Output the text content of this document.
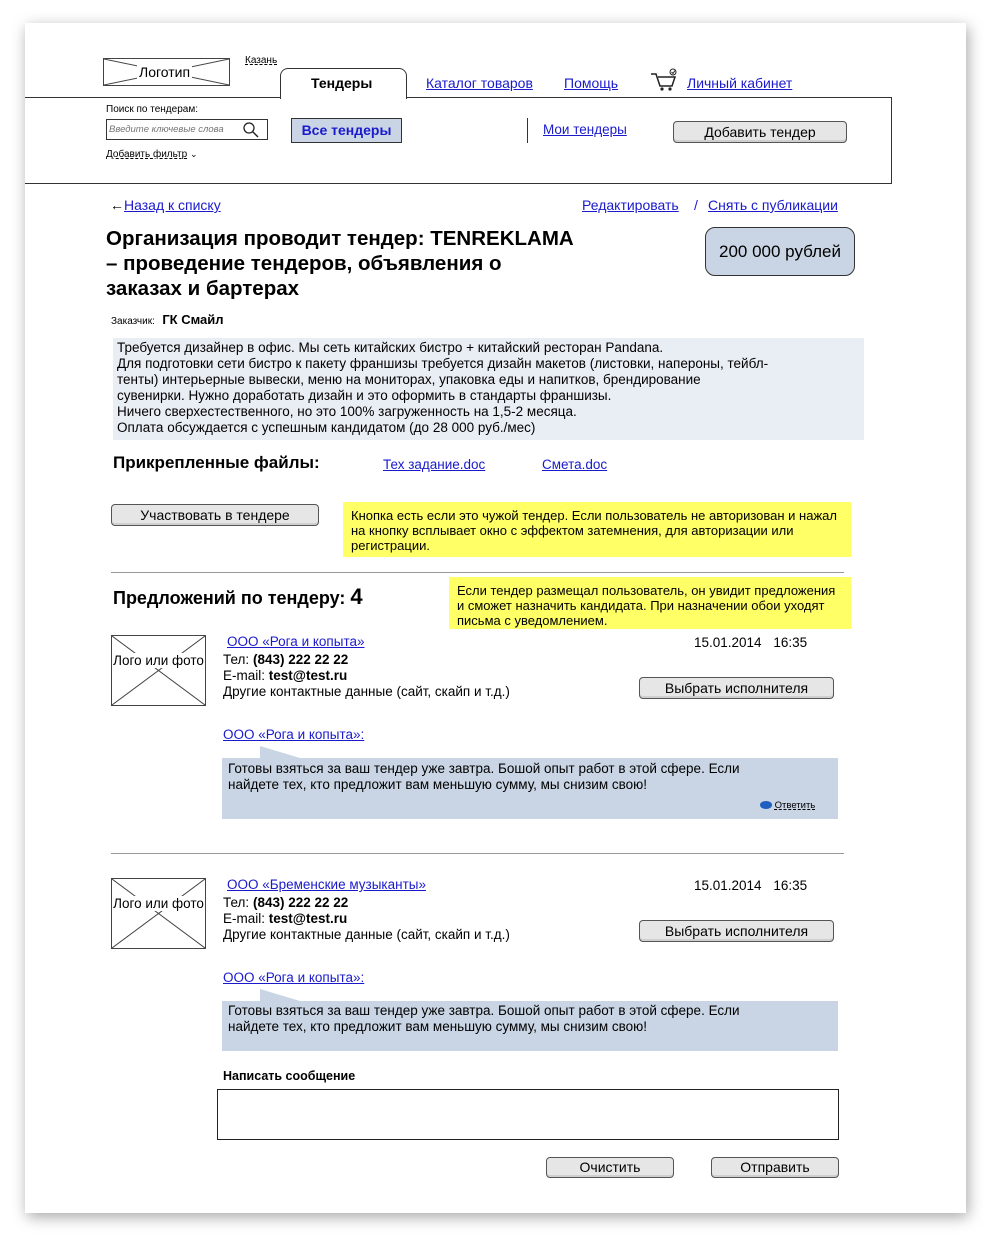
Логотип
Казань
Тендеры	Каталог товаров Помощь	Личный кабинет
Поиск по тендерам:
Введите ключевые слова
Добавить фильтр ⌄
Все тендеры	Мои тендеры	Добавить тендер
←Назад к списку	Редактировать / Снять с публикации
Организация проводит тендер: TENREKLAMA
– проведение тендеров, объявления о
заказах и бартерах
200 000 рублей
Заказчик: ГК Смайл
Требуется дизайнер в офис. Мы сеть китайских бистро + китайский ресторан Pandana.
Для подготовки сети бистро к пакету франшизы требуется дизайн макетов (листовки, напероны, тейбл-
тенты) интерьерные вывески, меню на мониторах, упаковка еды и напитков, брендирование
сувенирки. Нужно доработать дизайн и это оформить в стандарты франшизы.
Ничего сверхестественного, но это 100% загруженность на 1,5-2 месяца.
Оплата обсуждается с успешным кандидатом (до 28 000 руб./мес)
Прикрепленные файлы:	Тех задание.doc	Смета.doc
Участвовать в тендере	Кнопка есть если это чужой тендер. Если пользователь не авторизован и нажал на кнопку всплывает окно с эффектом затемнения, для авторизации или регистрации.
Предложений по тендеру: 4	Если тендер размещал пользователь, он увидит предложения и сможет назначить кандидата. При назначении обои уходят письма с уведомлением.
Лого или фото
ООО «Рога и копыта»
Тел: (843) 222 22 22
E-mail: test@test.ru
Другие контактные данные (сайт, скайп и т.д.)
15.01.2014 16:35
Выбрать исполнителя
ООО «Рога и копыта»:
Готовы взяться за ваш тендер уже завтра. Бошой опыт работ в этой сфере. Если
найдете тех, кто предложит вам меньшую сумму, мы снизим свою!
Ответить
Лого или фото
ООО «Бременские музыканты»
Тел: (843) 222 22 22
E-mail: test@test.ru
Другие контактные данные (сайт, скайп и т.д.)
15.01.2014 16:35
Выбрать исполнителя
ООО «Рога и копыта»:
Готовы взяться за ваш тендер уже завтра. Бошой опыт работ в этой сфере. Если
найдете тех, кто предложит вам меньшую сумму, мы снизим свою!
Написать сообщение
Очистить	Отправить
